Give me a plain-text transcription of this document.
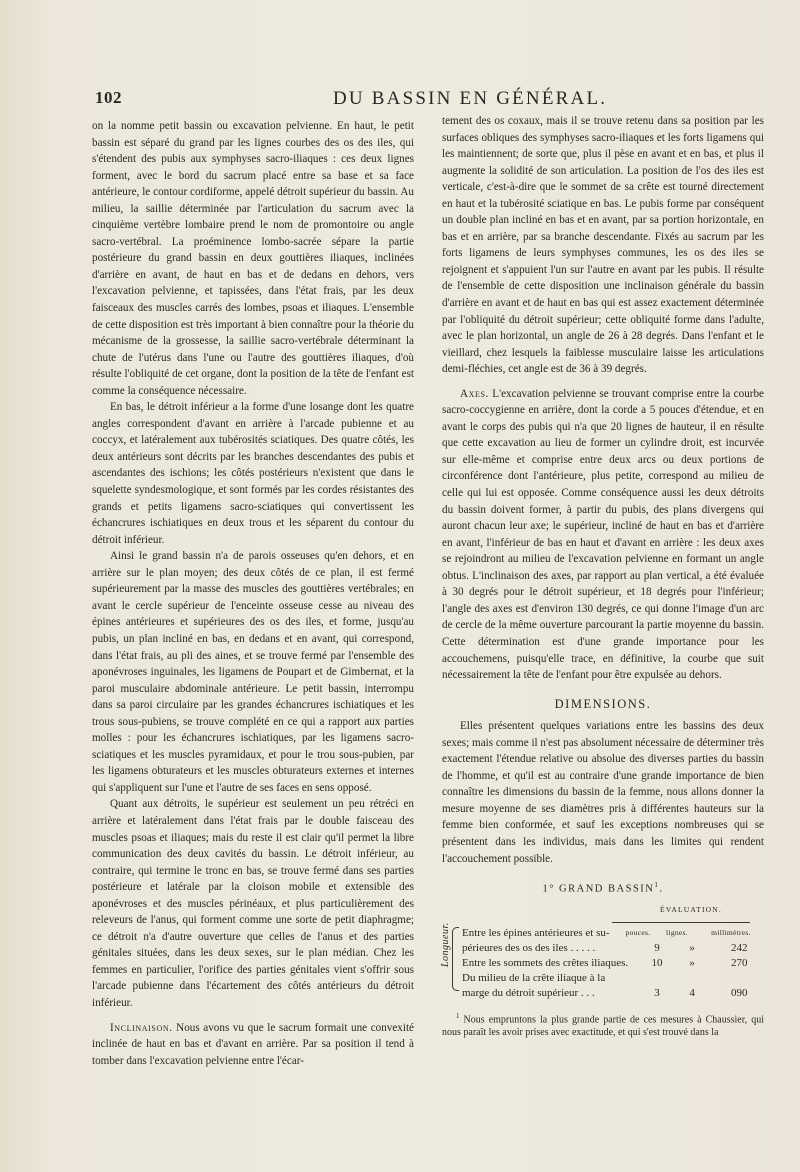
102	DU BASSIN EN GÉNÉRAL.

on la nomme petit bassin ou excavation pelvienne. En haut, le petit bassin est séparé du grand par les lignes courbes des os des iles, qui s'étendent des pubis aux symphyses sacro-iliaques : ces deux lignes forment, avec le bord du sacrum placé entre sa base et sa face antérieure, le contour cordiforme, appelé détroit supérieur du bassin. Au milieu, la saillie déterminée par l'articulation du sacrum avec la cinquième vertèbre lombaire prend le nom de promontoire ou angle sacro-vertébral. La proéminence lombo-sacrée sépare la partie postérieure du grand bassin en deux gouttières iliaques, inclinées d'arrière en avant, de haut en bas et de dedans en dehors, vers l'excavation pelvienne, et tapissées, dans l'état frais, par les deux faisceaux des muscles carrés des lombes, psoas et iliaques. L'ensemble de cette disposition est très important à bien connaître pour la théorie du mécanisme de la grossesse, la saillie sacro-vertébrale déterminant la chute de l'utérus dans l'une ou l'autre des gouttières iliaques, d'où résulte l'obliquité de cet organe, dont la position de la tête de l'enfant est comme la conséquence nécessaire.

En bas, le détroit inférieur a la forme d'une losange dont les quatre angles correspondent d'avant en arrière à l'arcade pubienne et au coccyx, et latéralement aux tubérosités sciatiques. Des quatre côtés, les deux antérieurs sont décrits par les branches descendantes des pubis et ascendantes des ischions; les côtés postérieurs n'existent que dans le squelette syndesmologique, et sont formés par les cordes résistantes des grands et petits ligamens sacro-sciatiques qui convertissent les échancrures ischiatiques en deux trous et les séparent du contour du détroit inférieur.

Ainsi le grand bassin n'a de parois osseuses qu'en dehors, et en arrière sur le plan moyen; des deux côtés de ce plan, il est fermé supérieurement par la masse des muscles des gouttières vertébrales; en avant le cercle supérieur de l'enceinte osseuse cesse au niveau des épines antérieures et supérieures des os des iles, et forme, jusqu'au pubis, un plan incliné en bas, en dedans et en avant, qui correspond, dans l'état frais, au pli des aines, et se trouve fermé par l'ensemble des aponévroses inguinales, les ligamens de Poupart et de Gimbernat, et la paroi musculaire abdominale antérieure. Le petit bassin, interrompu dans sa paroi circulaire par les grandes échancrures ischiatiques et les trous sous-pubiens, se trouve complété en ce qui a rapport aux parties molles : pour les échancrures ischiatiques, par les ligamens sacro-sciatiques et les muscles pyramidaux, et pour le trou sous-pubien, par les ligamens obturateurs et les muscles obturateurs externes et internes qui s'appliquent sur l'une et l'autre de ses faces en sens opposé.

Quant aux détroits, le supérieur est seulement un peu rétréci en arrière et latéralement dans l'état frais par le double faisceau des muscles psoas et iliaques; mais du reste il est clair qu'il permet la libre communication des deux cavités du bassin. Le détroit inférieur, au contraire, qui termine le tronc en bas, se trouve fermé dans ses parties postérieure et latérale par la cloison mobile et extensible des aponévroses et des muscles périnéaux, et plus particulièrement des releveurs de l'anus, qui forment comme une sorte de petit diaphragme; ce détroit n'a d'autre ouverture que celles de l'anus et des parties génitales situées, dans les deux sexes, sur le plan médian. Chez les femmes en particulier, l'orifice des parties génitales vient s'offrir sous l'arcade pubienne dans l'écartement des côtés antérieurs du détroit inférieur.

Inclinaison. Nous avons vu que le sacrum formait une convexité inclinée de haut en bas et d'avant en arrière. Par sa position il tend à tomber dans l'excavation pelvienne entre l'écar-

tement des os coxaux, mais il se trouve retenu dans sa position par les surfaces obliques des symphyses sacro-iliaques et les forts ligamens qui les maintiennent; de sorte que, plus il pèse en avant et en bas, et plus il augmente la solidité de son articulation. La position de l'os des iles est verticale, c'est-à-dire que le sommet de sa crête est tourné directement en haut et la tubérosité sciatique en bas. Le pubis forme par conséquent un double plan incliné en bas et en avant, par sa portion horizontale, en bas et en arrière, par sa branche descendante. Fixés au sacrum par les forts ligamens de leurs symphyses communes, les os des iles se rejoignent et s'appuient l'un sur l'autre en avant par les pubis. Il résulte de l'ensemble de cette disposition une inclinaison générale du bassin d'arrière en avant et de haut en bas qui est assez exactement déterminée par l'obliquité du détroit supérieur; cette obliquité forme dans l'adulte, avec le plan horizontal, un angle de 26 à 28 degrés. Dans l'enfant et le vieillard, chez lesquels la faiblesse musculaire laisse les articulations demi-fléchies, cet angle est de 36 à 39 degrés.

Axes. L'excavation pelvienne se trouvant comprise entre la courbe sacro-coccygienne en arrière, dont la corde a 5 pouces d'étendue, et en avant le corps des pubis qui n'a que 20 lignes de hauteur, il en résulte que cette excavation au lieu de former un cylindre droit, est incurvée sur elle-même et comprise entre deux arcs ou deux portions de circonférence dont l'antérieure, plus petite, correspond au milieu de celle qui lui est opposée. Comme conséquence aussi les deux détroits du bassin doivent former, à partir du pubis, des plans divergens qui auront chacun leur axe; le supérieur, incliné de haut en bas et d'arrière en avant, l'inférieur de bas en haut et d'avant en arrière : les deux axes se rejoindront au milieu de l'excavation pelvienne en formant un angle obtus. L'inclinaison des axes, par rapport au plan vertical, a été évaluée à 30 degrés pour le détroit supérieur, et 18 degrés pour l'inférieur; l'angle des axes est d'environ 130 degrés, ce qui donne l'image d'un arc de cercle de la même ouverture parcourant la partie moyenne du bassin. Cette détermination est d'une grande importance pour les accouchemens, puisqu'elle trace, en définitive, la courbe que suit nécessairement la tête de l'enfant pour être expulsée au dehors.

DIMENSIONS.

Elles présentent quelques variations entre les bassins des deux sexes; mais comme il n'est pas absolument nécessaire de déterminer très exactement l'étendue relative ou absolue des diverses parties du bassin de l'homme, et qu'il est au contraire d'une grande importance de bien connaître les dimensions du bassin de la femme, nous allons donner la mesure moyenne de ses diamètres pris à différentes hauteurs sur la femme bien conformée, et sauf les exceptions nombreuses qui se présentent dans les individus, mais dans les limites qui rendent l'accouchement possible.

1° GRAND BASSIN$^1$.
ÉVALUATION.
pouces.	lignes.	millimètres.
Longueur.	Entre les épines antérieures et su-
périeures des os des iles . . . . .	9	»	242
Entre les sommets des crêtes iliaques.	10	»	270
Du milieu de la crête iliaque à la
marge du détroit supérieur . . .	3	4	090
$^1$ Nous empruntons la plus grande partie de ces mesures à Chaussier, qui nous paraît les avoir prises avec exactitude, et qui s'est trouvé dans la
